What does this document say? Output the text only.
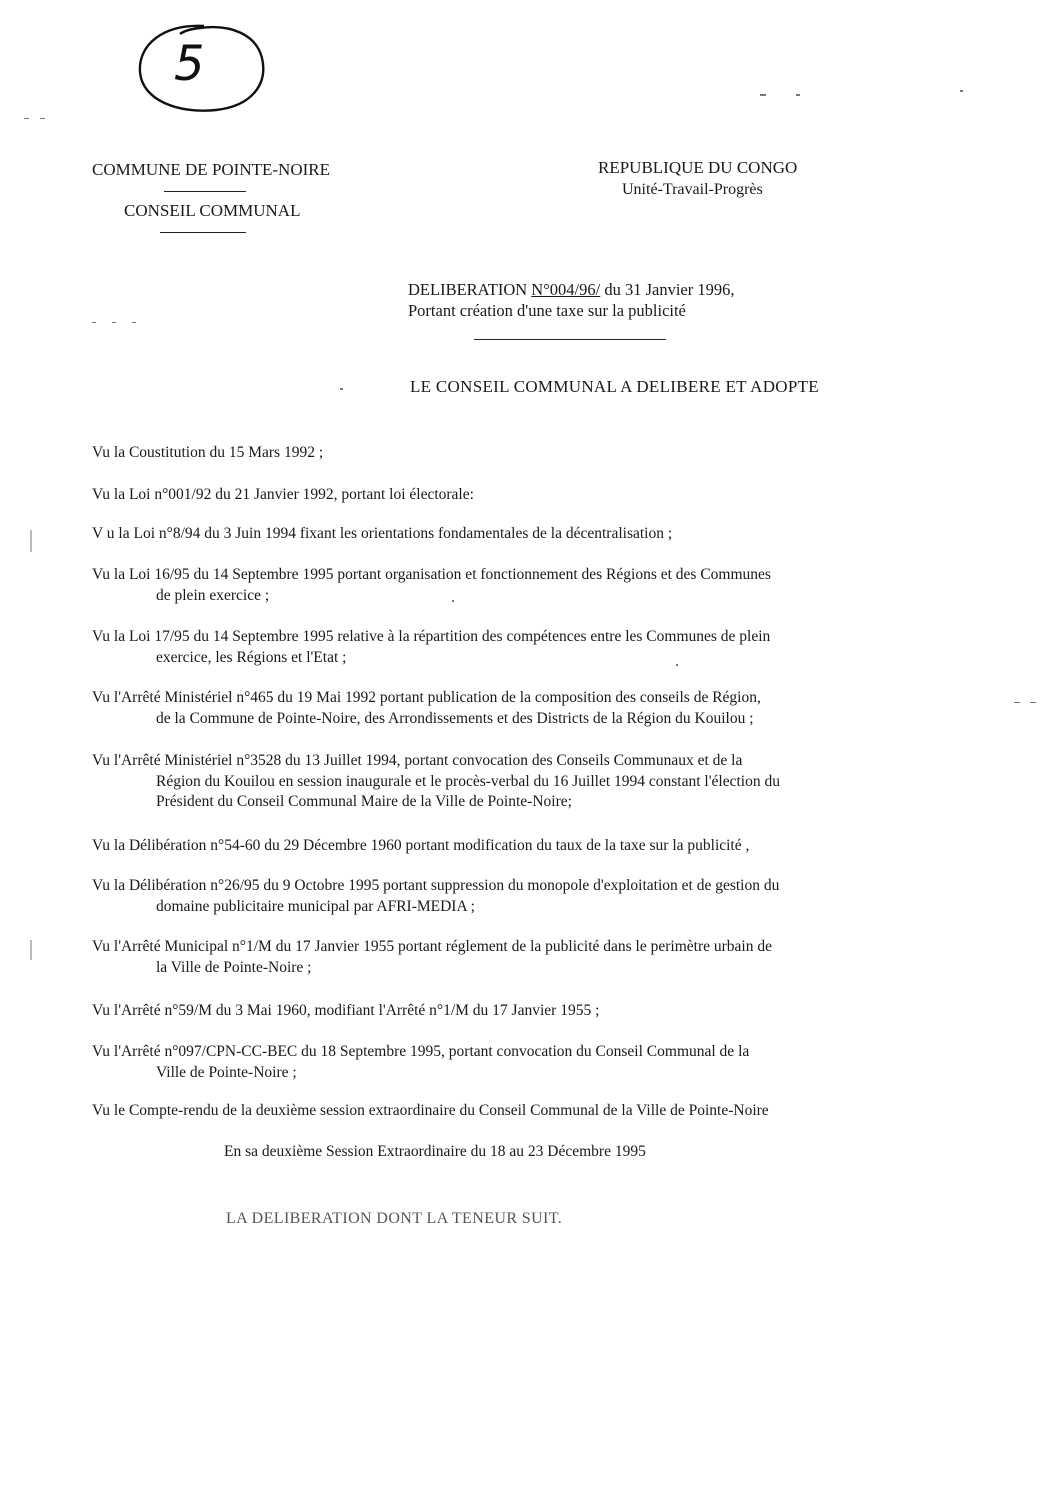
5
COMMUNE DE POINTE-NOIRE
CONSEIL COMMUNAL
REPUBLIQUE DU CONGO
Unité-Travail-Progrès
DELIBERATION N°004/96/ du 31 Janvier 1996,
Portant création d'une taxe sur la publicité
LE CONSEIL COMMUNAL A DELIBERE ET ADOPTE
Vu la Coustitution du 15 Mars 1992 ;
Vu la Loi n°001/92 du 21 Janvier 1992, portant loi électorale:
V u la Loi n°8/94 du 3 Juin 1994 fixant les orientations fondamentales de la décentralisation ;
Vu la Loi 16/95 du 14 Septembre 1995 portant organisation et fonctionnement des Régions et des Communes
de plein exercice ;
Vu la Loi 17/95 du 14 Septembre 1995 relative à la répartition des compétences entre les Communes de plein
exercice, les Régions et l'Etat ;
Vu l'Arrêté Ministériel n°465 du 19 Mai 1992 portant publication de la composition des conseils de Région,
de la Commune de Pointe-Noire, des Arrondissements et des Districts de la Région du Kouilou ;
Vu l'Arrêté Ministériel n°3528 du 13 Juillet 1994, portant convocation des Conseils Communaux et de la
Région du Kouilou en session inaugurale et le procès-verbal du 16 Juillet 1994 constant l'élection du
Président du Conseil Communal Maire de la Ville de Pointe-Noire;
Vu la Délibération n°54-60 du 29 Décembre 1960 portant modification du taux de la taxe sur la publicité ,
Vu la Délibération n°26/95 du 9 Octobre 1995 portant suppression du monopole d'exploitation et de gestion du
domaine publicitaire municipal par AFRI-MEDIA ;
Vu l'Arrêté Municipal n°1/M du 17 Janvier 1955 portant réglement de la publicité dans le perimètre urbain de
la Ville de Pointe-Noire ;
Vu l'Arrêté n°59/M du 3 Mai 1960, modifiant l'Arrêté n°1/M du 17 Janvier 1955 ;
Vu l'Arrêté n°097/CPN-CC-BEC du 18 Septembre 1995, portant convocation du Conseil Communal de la
Ville de Pointe-Noire ;
Vu le Compte-rendu de la deuxième session extraordinaire du Conseil Communal de la Ville de Pointe-Noire
En sa deuxième Session Extraordinaire du 18 au 23 Décembre 1995
LA DELIBERATION DONT LA TENEUR SUIT.
